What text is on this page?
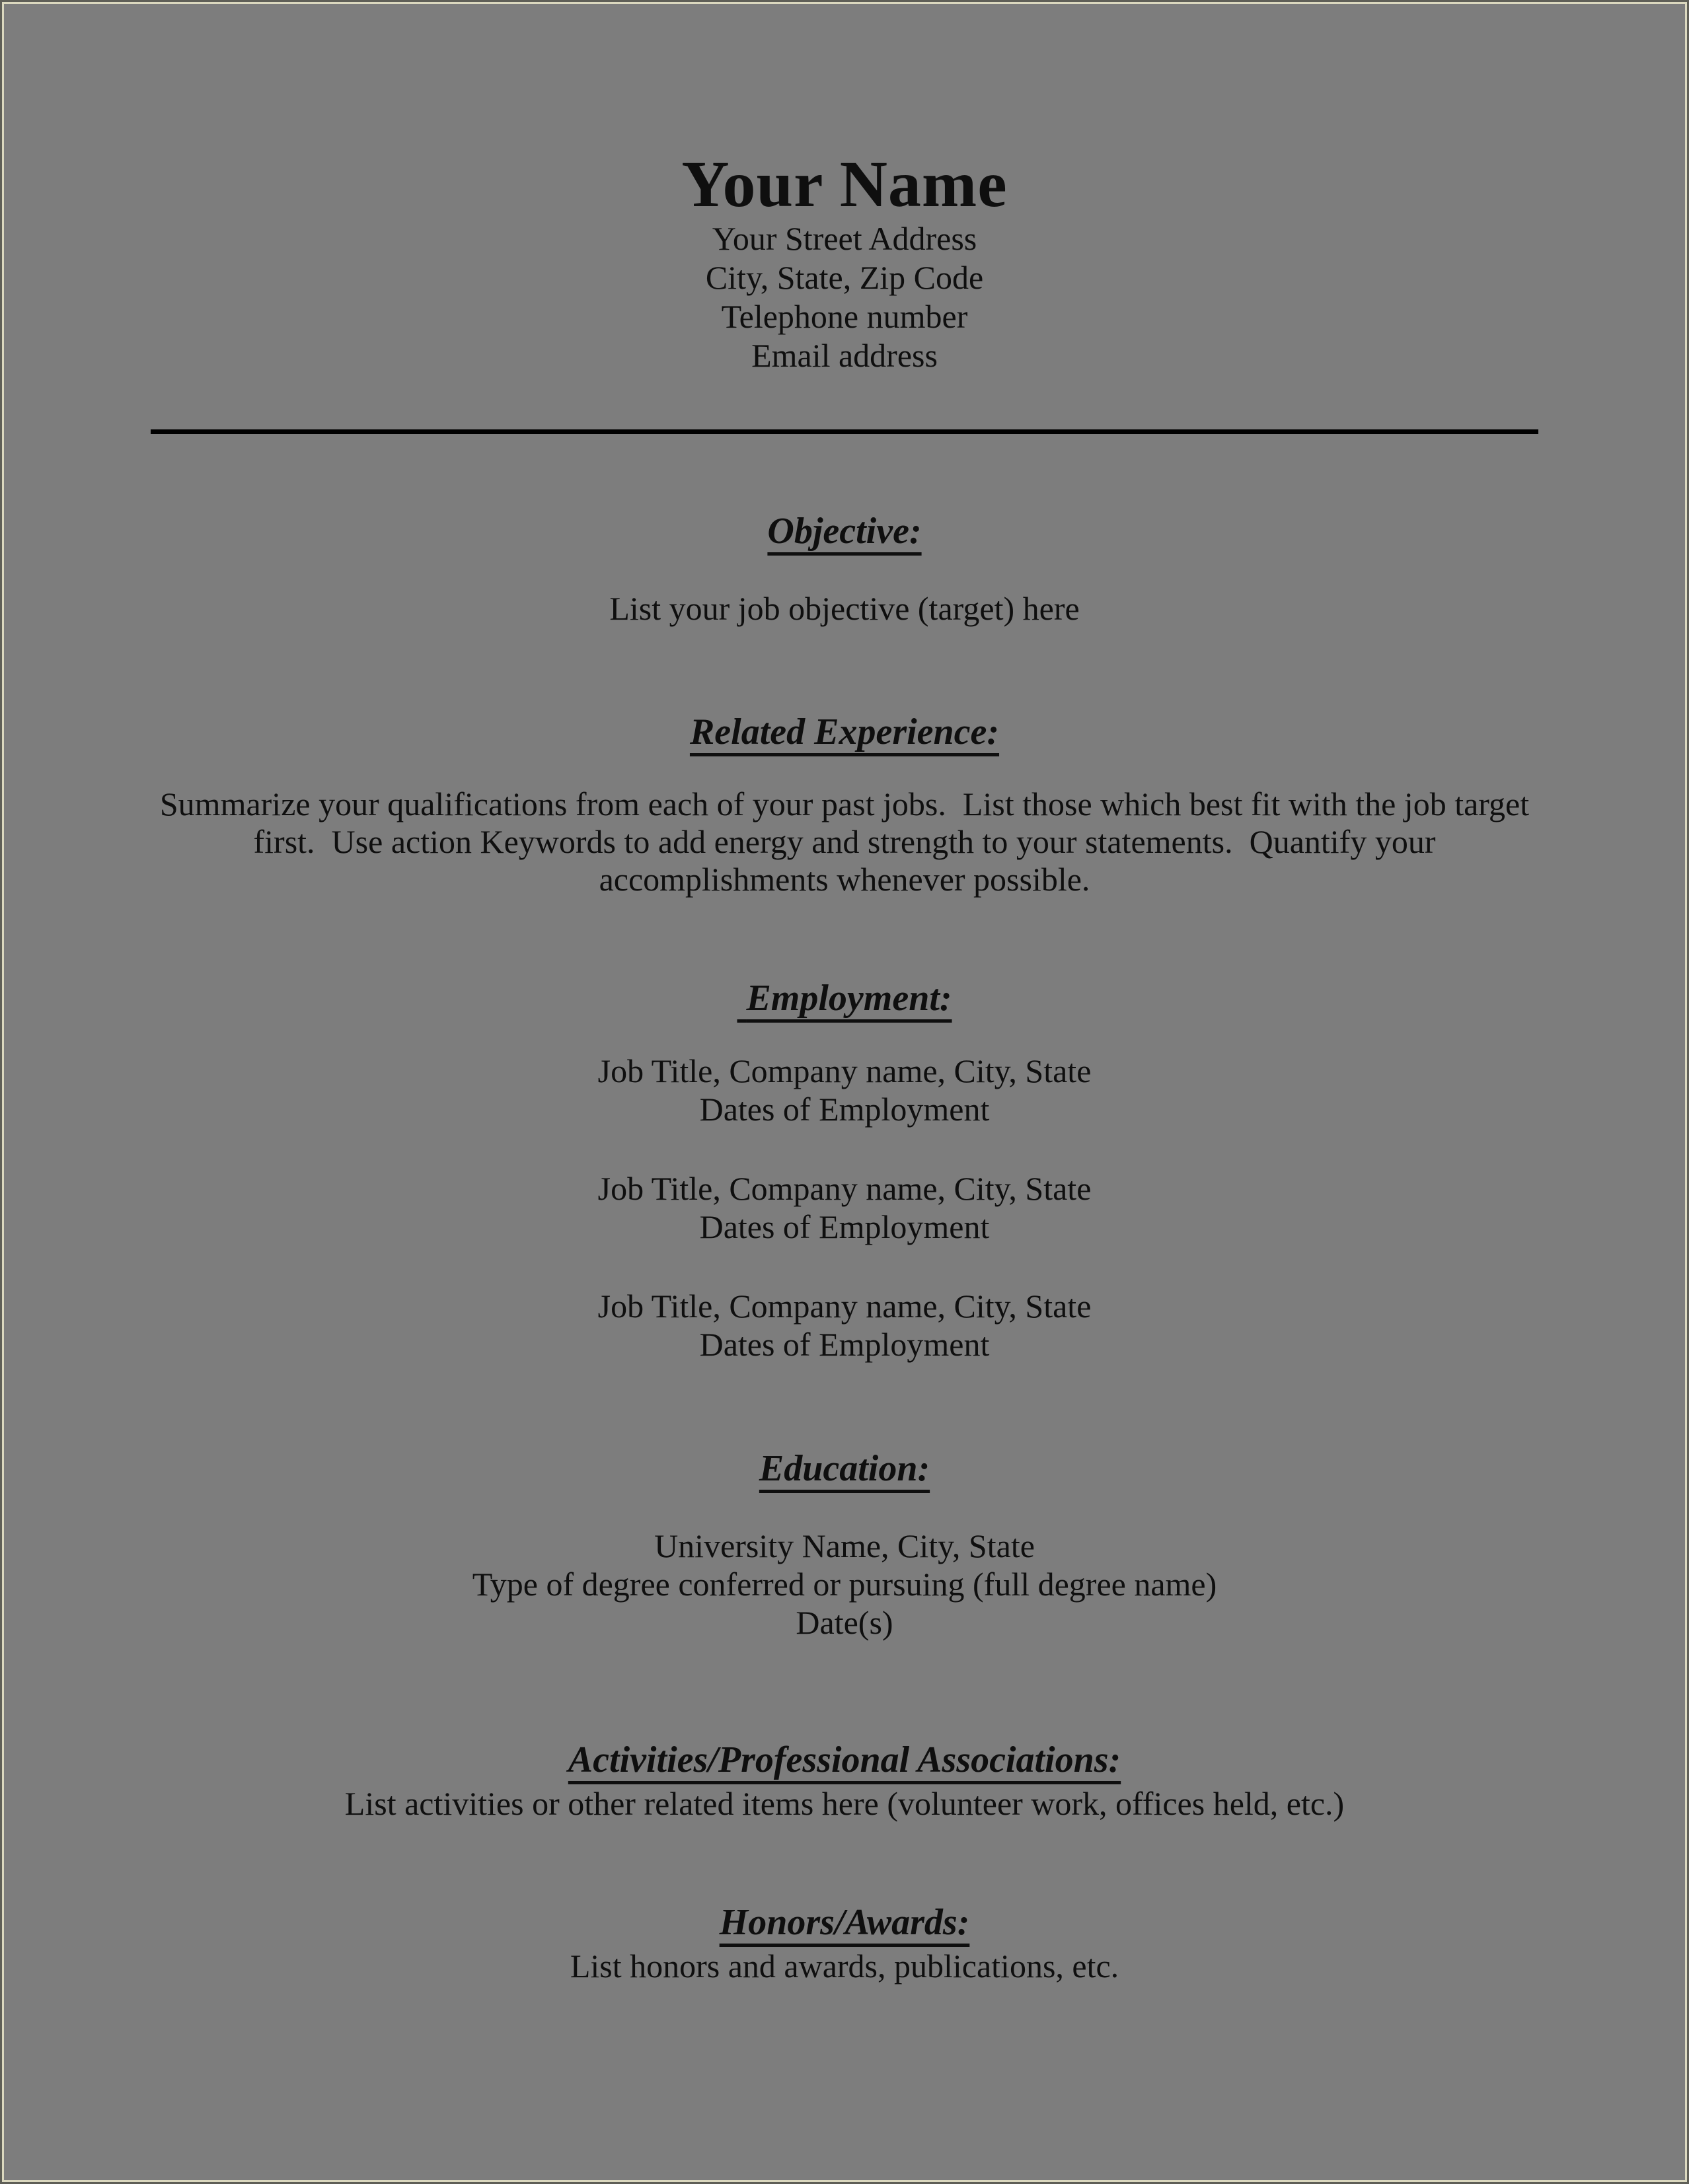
Your Name
Your Street Address
City, State, Zip Code
Telephone number
Email address
Objective:
List your job objective (target) here
Related Experience:
Summarize your qualifications from each of your past jobs.  List those which best fit with the job target
first.  Use action Keywords to add energy and strength to your statements.  Quantify your
accomplishments whenever possible.
Employment:
Job Title, Company name, City, State
Dates of Employment
Job Title, Company name, City, State
Dates of Employment
Job Title, Company name, City, State
Dates of Employment
Education:
University Name, City, State
Type of degree conferred or pursuing (full degree name)
Date(s)
Activities/Professional Associations:
List activities or other related items here (volunteer work, offices held, etc.)
Honors/Awards:
List honors and awards, publications, etc.
